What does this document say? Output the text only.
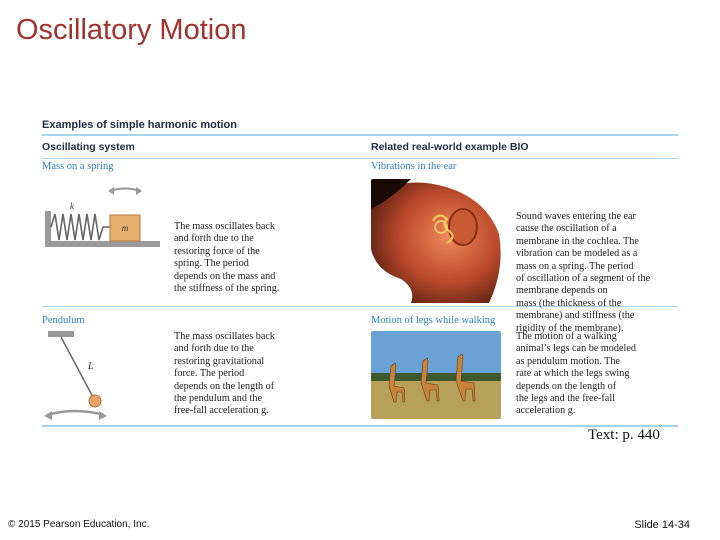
Oscillatory Motion
Examples of simple harmonic motion
Oscillating system	Related real-world example BIO
Mass on a spring
m
k
The mass oscillates back
and forth due to the
restoring force of the
spring. The period
depends on the mass and
the stiffness of the spring.
Vibrations in the ear
Sound waves entering the ear
cause the oscillation of a
membrane in the cochlea. The
vibration can be modeled as a
mass on a spring. The period
of oscillation of a segment of the
membrane depends on
mass (the thickness of the
membrane) and stiffness (the
rigidity of the membrane).
Pendulum
L
The mass oscillates back
and forth due to the
restoring gravitational
force. The period
depends on the length of
the pendulum and the
free-fall acceleration g.
Motion of legs while walking
The motion of a walking
animal’s legs can be modeled
as pendulum motion. The
rate at which the legs swing
depends on the length of
the legs and the free-fall
acceleration g.
Text: p. 440
© 2015 Pearson Education, Inc.	Slide 14-34
